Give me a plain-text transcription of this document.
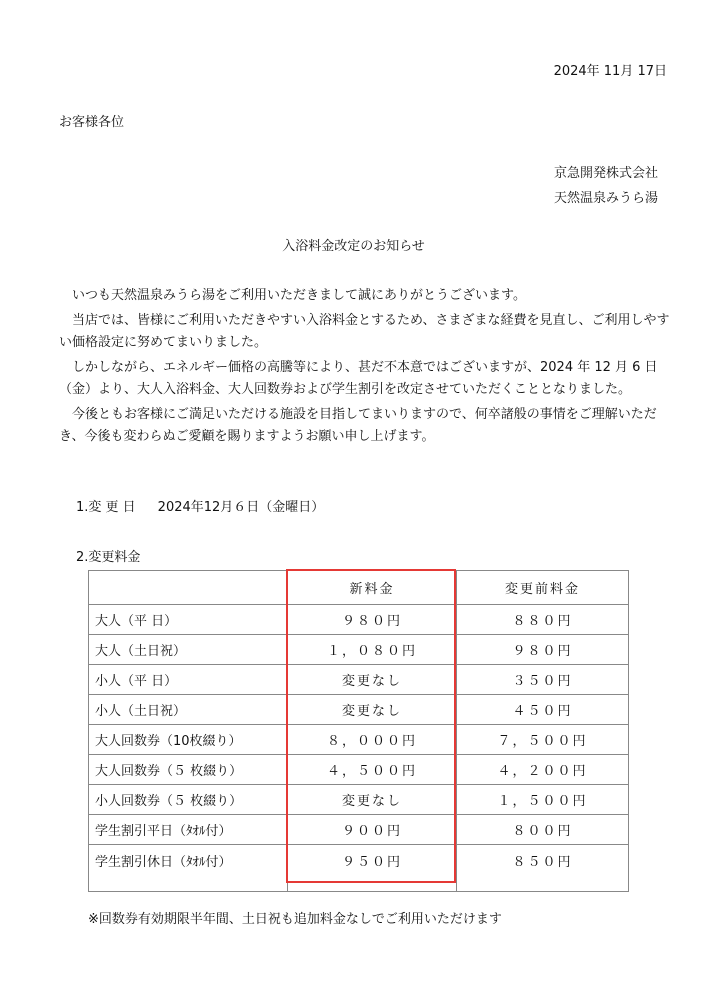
2024年 11月 17日
お客様各位
京急開発株式会社
天然温泉みうら湯
入浴料金改定のお知らせ

　いつも天然温泉みうら湯をご利用いただきまして誠にありがとうございます。

　当店では、皆様にご利用いただきやすい入浴料金とするため、さまざまな経費を見直し、ご利用しやすい価格設定に努めてまいりました。

　しかしながら、エネルギー価格の高騰等により、甚だ不本意ではございますが、2024 年 12 月 6 日（金）より、大人入浴料金、大人回数券および学生割引を改定させていただくこととなりました。

　今後ともお客様にご満足いただける施設を目指してまいりますので、何卒諸般の事情をご理解いただき、今後も変わらぬご愛顧を賜りますようお願い申し上げます。

1.変 更 日 2024年12月６日（金曜日）
2.変更料金
	新料金	変更前料金
大人（平 日）	９８０円	８８０円
大人（土日祝）	１，０８０円	９８０円
小人（平 日）	変更なし	３５０円
小人（土日祝）	変更なし	４５０円
大人回数券（10枚綴り）	８，０００円	７，５００円
大人回数券（５ 枚綴り）	４，５００円	４，２００円
小人回数券（５ 枚綴り）	変更なし	１，５００円
学生割引平日（ﾀｵﾙ付）	９００円	８００円
学生割引休日（ﾀｵﾙ付）	９５０円	８５０円
※回数券有効期限半年間、土日祝も追加料金なしでご利用いただけます
